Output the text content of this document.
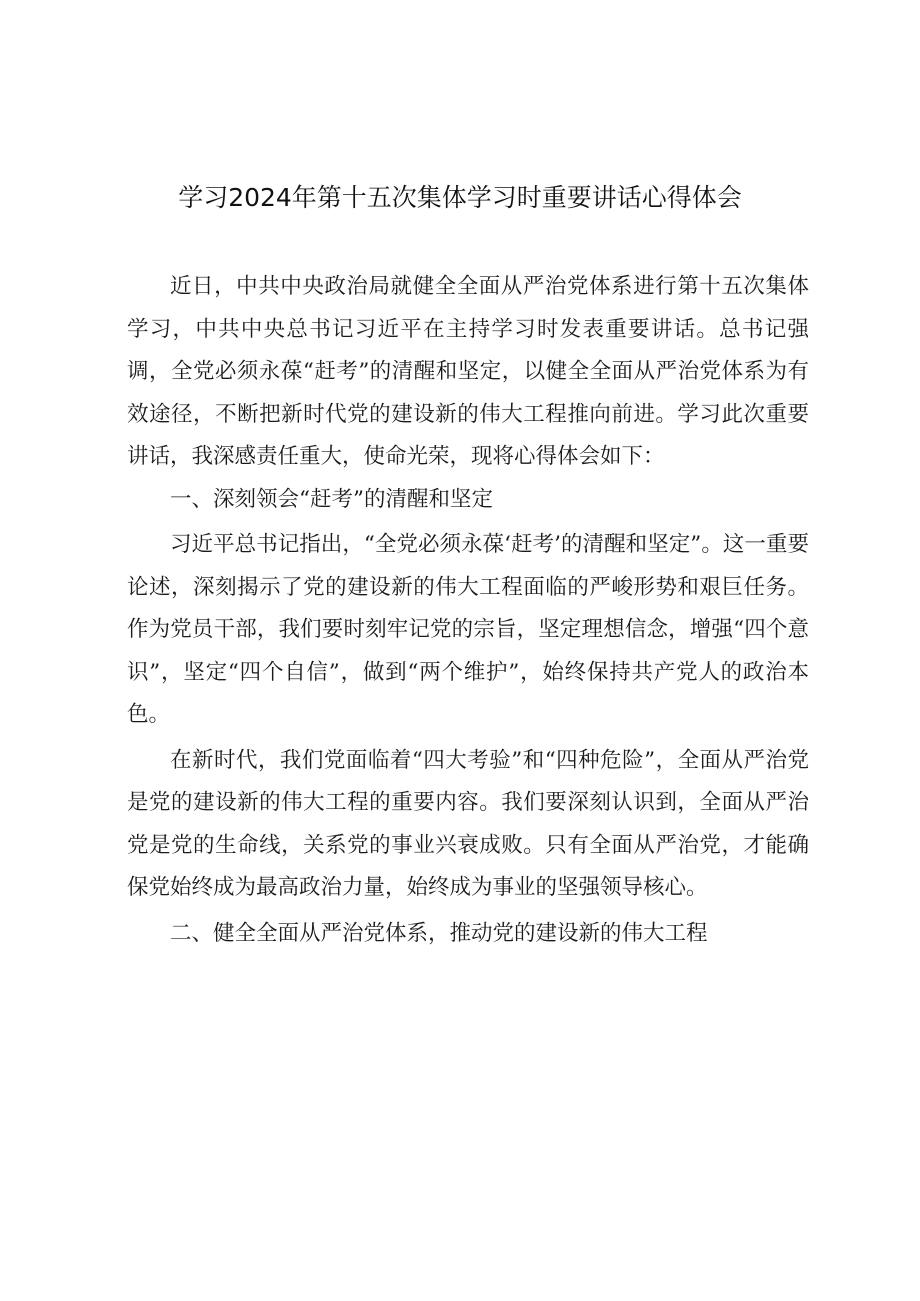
学习2024年第十五次集体学习时重要讲话心得体会

近日，中共中央政治局就健全全面从严治党体系进行第十五次集体学习，中共中央总书记习近平在主持学习时发表重要讲话。总书记强调，全党必须永葆“赶考”的清醒和坚定，以健全全面从严治党体系为有效途径，不断把新时代党的建设新的伟大工程推向前进。学习此次重要讲话，我深感责任重大，使命光荣，现将心得体会如下：

一、深刻领会“赶考”的清醒和坚定

习近平总书记指出，“全党必须永葆‘赶考’的清醒和坚定”。这一重要论述，深刻揭示了党的建设新的伟大工程面临的严峻形势和艰巨任务。作为党员干部，我们要时刻牢记党的宗旨，坚定理想信念，增强“四个意识”，坚定“四个自信”，做到“两个维护”，始终保持共产党人的政治本色。

在新时代，我们党面临着“四大考验”和“四种危险”，全面从严治党是党的建设新的伟大工程的重要内容。我们要深刻认识到，全面从严治党是党的生命线，关系党的事业兴衰成败。只有全面从严治党，才能确保党始终成为最高政治力量，始终成为事业的坚强领导核心。

二、健全全面从严治党体系，推动党的建设新的伟大工程
